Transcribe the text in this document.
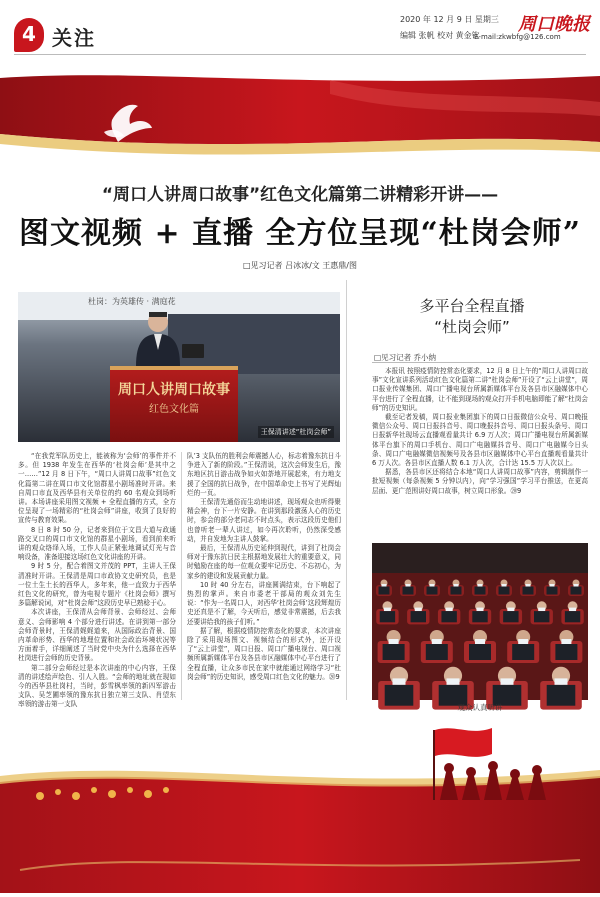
4 关注
2020 年 12 月 9 日 星期三
编辑 张帆 校对 黄金钦
周口晚报
E-mail:zkwbfg@126.com
“周口人讲周口故事”红色文化篇第二讲精彩开讲——
图文视频 + 直播 全方位呈现“杜岗会师”
□见习记者 吕冰冰/文 王惠鼎/图
杜岗：为英雄传 · 满庭花
周口人讲周口故事
红色文化篇
王保清讲述“杜岗会师”

“在我党军队历史上，能被称为‘会师’的事件并不多。但 1938 年发生在西华的‘杜岗会师’是其中之一……”12 月 8 日下午，“周口人讲周口故事”红色文化篇第二讲在周口市文化馆群星小剧场准时开讲。来自周口市直及西华县有关单位的约 60 名观众到场听讲。本场讲座采用图文视频 + 全程直播的方式，全方位呈现了一场精彩的“杜岗会师”讲座，收到了良好的宣传与教育效果。

8 日 8 时 50 分，记者来到位于文昌大道与政通路交叉口的周口市文化馆的群星小剧场，看到前来听讲的观众络绎入场，工作人员正紧张地调试灯光与音响设备，准备迎接这场红色文化讲座的开讲。

9 时 5 分，配合着图文并茂的 PPT，主讲人王保清准时开讲。王保清是周口市政协文史研究员，也是一位土生土长的西华人，多年来，他一直致力于西华红色文化的研究，曾为电视专题片《杜岗会师》撰写多篇解说词，对“杜岗会师”这段历史早已熟稔于心。

本次讲座，王保清从会师背景、会师经过、会师意义、会师影响 4 个部分进行讲述。在讲到第一部分会师背景时，王保清娓娓道来，从国际政治背景、国内革命形势、西华的地理位置和社会政治环境状况等方面着手，详细阐述了当时党中央为什么选择在西华杜岗进行会师的历史背景。

第二部分会师经过是本次讲座的中心内容，王保清的讲述绘声绘色、引人入胜。“会师的地址就在现如今的西华县杜岗村，当时，彭雪枫率领的新四军游击支队、吴芝圃率领的豫东抗日独立第三支队、肖望东率领的游击第一支队

队’3 支队伍的胜利会师震撼人心，标志着豫东抗日斗争进入了新的阶段。”王保清说，这次会师发生后，豫东地区抗日游击战争如火如荼地开展起来，有力地支援了全国的抗日战争，在中国革命史上书写了光辉灿烂的一页。

王保清先通俗而生动地讲述，现场观众也听得聚精会神，台下一片安静。在讲到那段激荡人心的历史时，参会的部分老同志不时点头，表示这段历史他们也曾听老一辈人讲过，如今再次聆听，仍然深受感动，并自发地为主讲人鼓掌。

最后，王保清从历史延伸到现代，讲到了杜岗会师对于豫东抗日民主根据地发展壮大的重要意义，同时勉励在座的每一位观众要牢记历史、不忘初心，为家乡的建设和发展贡献力量。

10 时 40 分左右，讲座圆满结束，台下响起了热烈的掌声。来自市委老干部局的观众刘先生说：“作为一名周口人，对西华‘杜岗会师’这段辉煌历史还真是不了解，今天听后，感觉非常震撼，后去我还要讲给我的孩子们听。”

据了解，根据疫情防控常态化的要求，本次讲座除了采用现场图文、视频结合的形式外，还开设了“云上讲堂”，周口日报、周口广播电视台、周口视频所属新媒体平台及各县市区融媒体中心平台进行了全程直播，让众多市民在家中就能通过网络学习“杜岗会师”的历史知识，感受周口红色文化的魅力。⑳9

多平台全程直播
“杜岗会师”
□见习记者 乔小纳

本报讯 按照疫情防控常态化要求，12 月 8 日上午的“周口人讲周口故事”文化宣讲系列活动红色文化篇第二讲“杜岗会师”开设了“云上讲堂”，周口报业传媒集团、周口广播电视台所属新媒体平台及各县市区融媒体中心平台进行了全程直播，让不能到现场的观众打开手机电脑即能了解“杜岗会师”的历史知识。

截至记者发稿，周口报业集团旗下的周口日报微信公众号、周口晚报微信公众号、周口日报抖音号、周口晚报抖音号、周口日报头条号、周口日报新华社现场云直播观看量共计 6.9 万人次；周口广播电视台所属新媒体平台旗下的周口手机台、周口广电融媒抖音号、周口广电融媒今日头条、周口广电融媒微信视频号及各县市区融媒体中心平台直播观看量共计 6 万人次。各县市区直播人数 6.1 万人次，合计达 15.5 万人次以上。

据悉，各县市区还将结合本地“周口人讲周口故事”内容，剪辑制作一批短视频（每条视频 5 分钟以内），向“学习强国”学习平台推送，在更高层面、更广范围讲好周口故事，树立周口形象。⑳9

观众认真听讲
